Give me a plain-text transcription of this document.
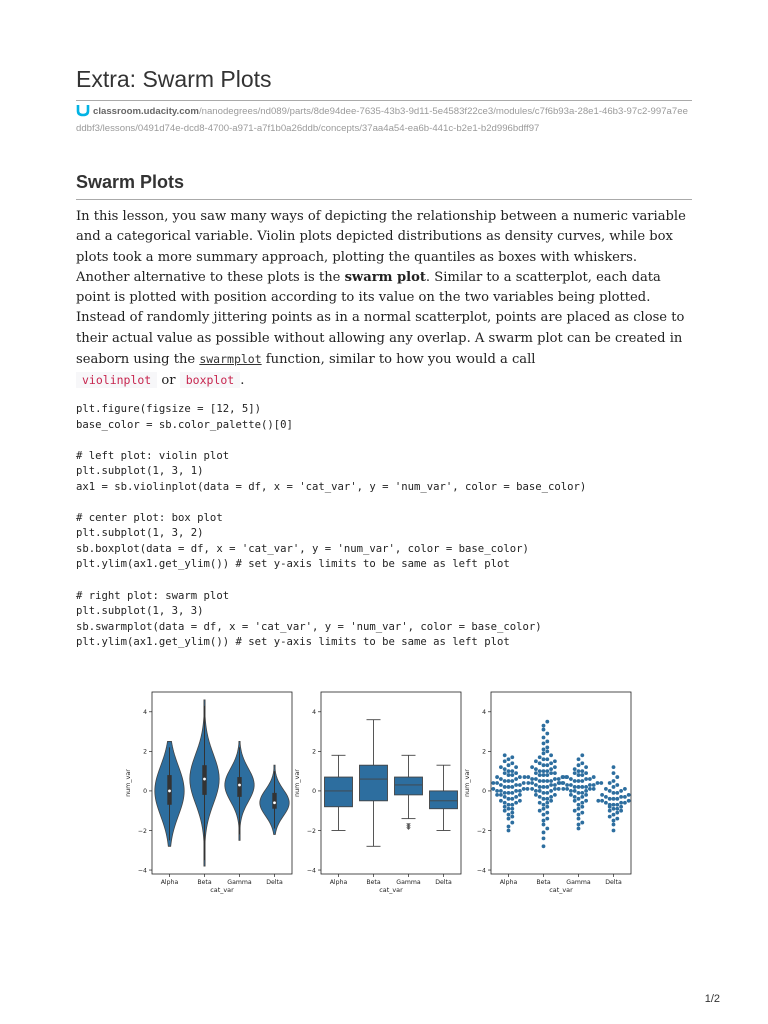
Extra: Swarm Plots
classroom.udacity.com/nanodegrees/nd089/parts/8de94dee-7635-43b3-9d11-5e4583f22ce3/modules/c7f6b93a-28e1-46b3-97c2-997a7eeddbf3/lessons/0491d74e-dcd8-4700-a971-a7f1b0a26ddb/concepts/37aa4a54-ea6b-441c-b2e1-b2d996bdff97
Swarm Plots

In this lesson, you saw many ways of depicting the relationship between a numeric variable and a categorical variable. Violin plots depicted distributions as density curves, while box plots took a more summary approach, plotting the quantiles as boxes with whiskers. Another alternative to these plots is the swarm plot. Similar to a scatterplot, each data point is plotted with position according to its value on the two variables being plotted. Instead of randomly jittering points as in a normal scatterplot, points are placed as close to their actual value as possible without allowing any overlap. A swarm plot can be created in seaborn using the swarmplot function, similar to how you would a call
violinplot or boxplot .

plt.figure(figsize = [12, 5])
base_color = sb.color_palette()[0]
# left plot: violin plot
plt.subplot(1, 3, 1)
ax1 = sb.violinplot(data = df, x = 'cat_var', y = 'num_var', color = base_color)
# center plot: box plot
plt.subplot(1, 3, 2)
sb.boxplot(data = df, x = 'cat_var', y = 'num_var', color = base_color)
plt.ylim(ax1.get_ylim()) # set y-axis limits to be same as left plot
# right plot: swarm plot
plt.subplot(1, 3, 3)
sb.swarmplot(data = df, x = 'cat_var', y = 'num_var', color = base_color)
plt.ylim(ax1.get_ylim()) # set y-axis limits to be same as left plot
−4
−2
0
2
4
Alpha	Beta	Gamma Delta
cat_var
num_var
−4
−2
0
2
4
Alpha	Beta	Gamma Delta
cat_var
num_var
−4
−2
0
2
4
Alpha	Beta	Gamma Delta
cat_var
num_var
1/2
